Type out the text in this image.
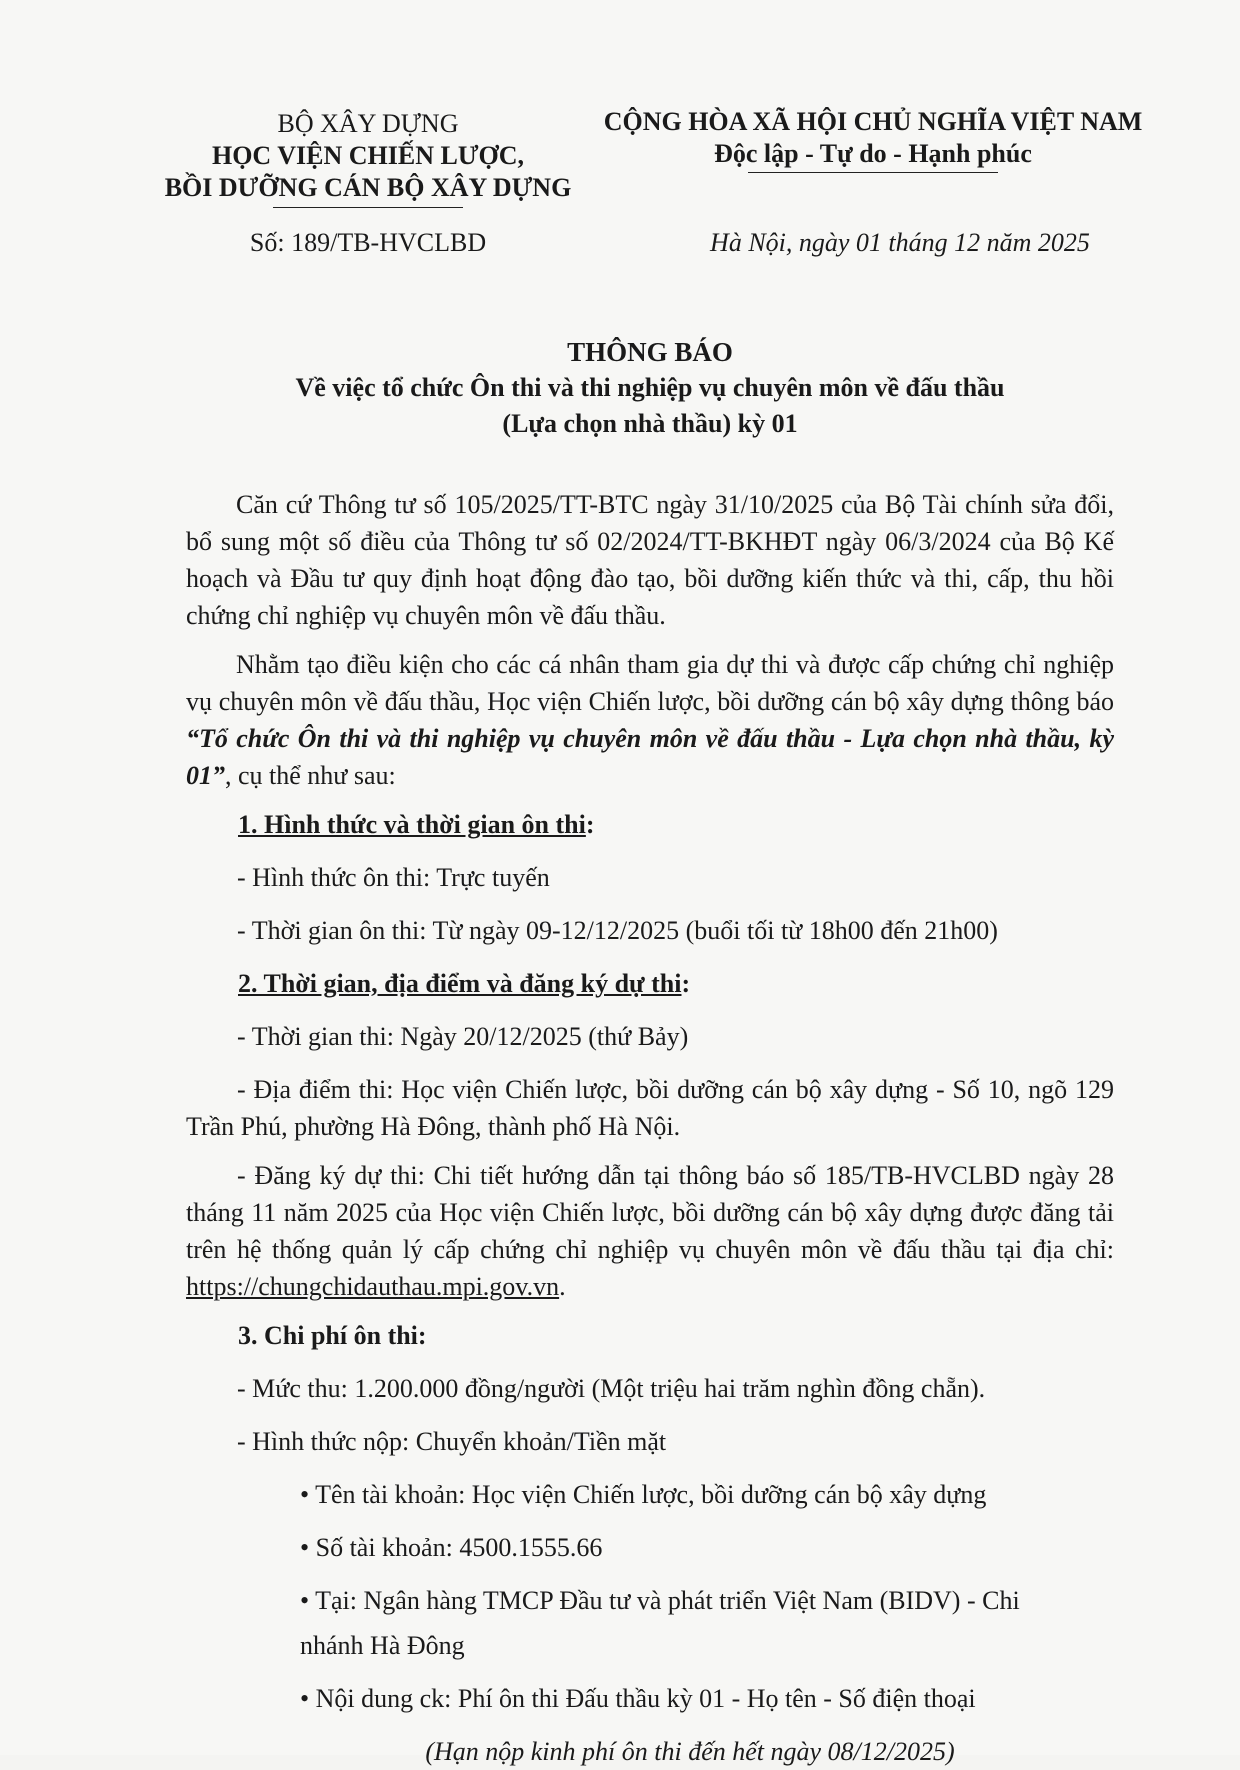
BỘ XÂY DỰNG
HỌC VIỆN CHIẾN LƯỢC,
BỒI DƯỠNG CÁN BỘ XÂY DỰNG
CỘNG HÒA XÃ HỘI CHỦ NGHĨA VIỆT NAM
Độc lập - Tự do - Hạnh phúc
Số: 189/TB-HVCLBD	Hà Nội, ngày 01 tháng 12 năm 2025
THÔNG BÁO
Về việc tổ chức Ôn thi và thi nghiệp vụ chuyên môn về đấu thầu
(Lựa chọn nhà thầu) kỳ 01

Căn cứ Thông tư số 105/2025/TT-BTC ngày 31/10/2025 của Bộ Tài chính sửa đổi, bổ sung một số điều của Thông tư số 02/2024/TT-BKHĐT ngày 06/3/2024 của Bộ Kế hoạch và Đầu tư quy định hoạt động đào tạo, bồi dưỡng kiến thức và thi, cấp, thu hồi chứng chỉ nghiệp vụ chuyên môn về đấu thầu.

Nhằm tạo điều kiện cho các cá nhân tham gia dự thi và được cấp chứng chỉ nghiệp vụ chuyên môn về đấu thầu, Học viện Chiến lược, bồi dưỡng cán bộ xây dựng thông báo “Tổ chức Ôn thi và thi nghiệp vụ chuyên môn về đấu thầu - Lựa chọn nhà thầu, kỳ 01”, cụ thể như sau:

1. Hình thức và thời gian ôn thi:

- Hình thức ôn thi: Trực tuyến

- Thời gian ôn thi: Từ ngày 09-12/12/2025 (buổi tối từ 18h00 đến 21h00)

2. Thời gian, địa điểm và đăng ký dự thi:

- Thời gian thi: Ngày 20/12/2025 (thứ Bảy)

- Địa điểm thi: Học viện Chiến lược, bồi dưỡng cán bộ xây dựng - Số 10, ngõ 129 Trần Phú, phường Hà Đông, thành phố Hà Nội.

- Đăng ký dự thi: Chi tiết hướng dẫn tại thông báo số 185/TB-HVCLBD ngày 28 tháng 11 năm 2025 của Học viện Chiến lược, bồi dưỡng cán bộ xây dựng được đăng tải trên hệ thống quản lý cấp chứng chỉ nghiệp vụ chuyên môn về đấu thầu tại địa chỉ: https://chungchidauthau.mpi.gov.vn.

3. Chi phí ôn thi:

- Mức thu: 1.200.000 đồng/người (Một triệu hai trăm nghìn đồng chẵn).

- Hình thức nộp: Chuyển khoản/Tiền mặt

• Tên tài khoản: Học viện Chiến lược, bồi dưỡng cán bộ xây dựng

• Số tài khoản: 4500.1555.66

• Tại: Ngân hàng TMCP Đầu tư và phát triển Việt Nam (BIDV) - Chi

nhánh Hà Đông

• Nội dung ck: Phí ôn thi Đấu thầu kỳ 01 - Họ tên - Số điện thoại

(Hạn nộp kinh phí ôn thi đến hết ngày 08/12/2025)
